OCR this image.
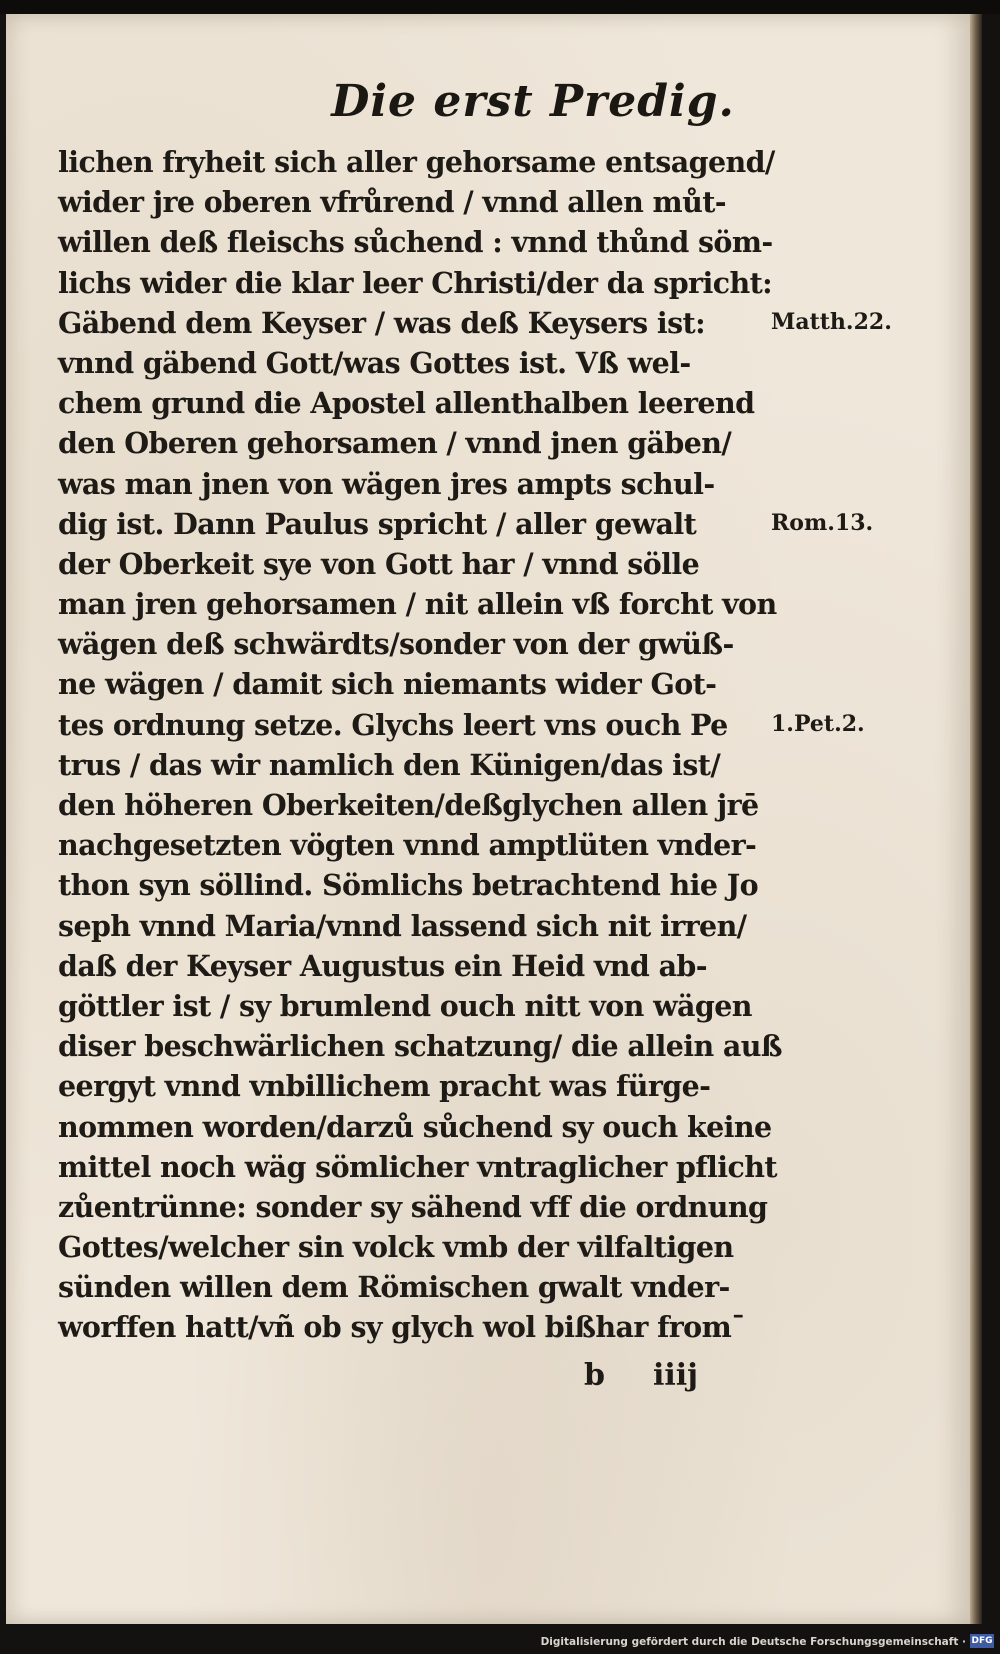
Die erst Predig.
lichen fryheit sich aller gehorsame entsagend/
wider jre oberen vfrůrend / vnnd allen můt-
willen deß fleischs sůchend : vnnd thůnd söm-
lichs wider die klar leer Christi/der da spricht:
Gäbend dem Keyser / was deß Keysers ist:
vnnd gäbend Gott/was Gottes ist. Vß wel-
chem grund die Apostel allenthalben leerend
den Oberen gehorsamen / vnnd jnen gäben/
was man jnen von wägen jres ampts schul-
dig ist. Dann Paulus spricht / aller gewalt
der Oberkeit sye von Gott har / vnnd sölle
man jren gehorsamen / nit allein vß forcht von
wägen deß schwärdts/sonder von der gwüß-
ne wägen / damit sich niemants wider Got-
tes ordnung setze. Glychs leert vns ouch Pe
trus / das wir namlich den Künigen/das ist/
den höheren Oberkeiten/deßglychen allen jrē
nachgesetzten vögten vnnd amptlüten vnder-
thon syn söllind. Sömlichs betrachtend hie Jo
seph vnnd Maria/vnnd lassend sich nit irren/
daß der Keyser Augustus ein Heid vnd ab-
göttler ist / sy brumlend ouch nitt von wägen
diser beschwärlichen schatzung/ die allein auß
eergyt vnnd vnbillichem pracht was fürge-
nommen worden/darzů sůchend sy ouch keine
mittel noch wäg sömlicher vntraglicher pflicht
zůentrünne: sonder sy sähend vff die ordnung
Gottes/welcher sin volck vmb der vilfaltigen
sünden willen dem Römischen gwalt vnder-
worffen hatt/vñ ob sy glych wol bißhar fromˉ
Matth.22.
Rom.13.
1.Pet.2.
b iiij
Digitalisierung gefördert durch die Deutsche Forschungsgemeinschaft · DFG
